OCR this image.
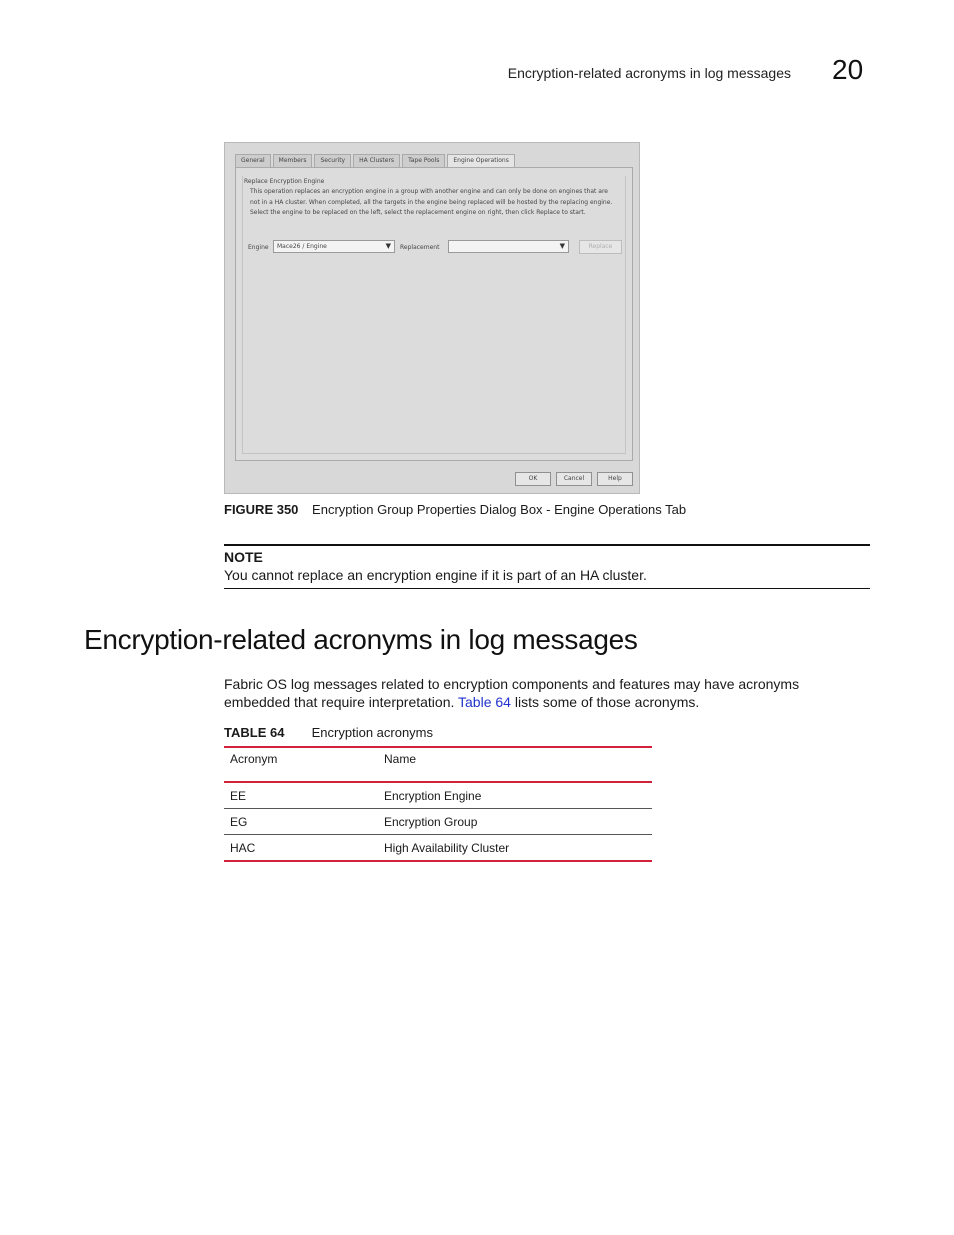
Encryption-related acronyms in log messages 20
General	Members	Security	HA Clusters	Tape Pools	Engine Operations
Replace Encryption Engine
This operation replaces an encryption engine in a group with another engine and can only be done on engines that are not in a HA cluster. When completed, all the targets in the engine being replaced will be hosted by the replacing engine. Select the engine to be replaced on the left, select the replacement engine on right, then click Replace to start.
Engine	Mace26 / Engine	▼ Replacement	▼	Replace
OK	Cancel	Help
FIGURE 350 Encryption Group Properties Dialog Box - Engine Operations Tab
NOTE
You cannot replace an encryption engine if it is part of an HA cluster.
Encryption-related acronyms in log messages
Fabric OS log messages related to encryption components and features may have acronyms embedded that require interpretation. Table 64 lists some of those acronyms.
TABLE 64 Encryption acronyms
Acronym	Name
EE	Encryption Engine
EG	Encryption Group
HAC	High Availability Cluster
